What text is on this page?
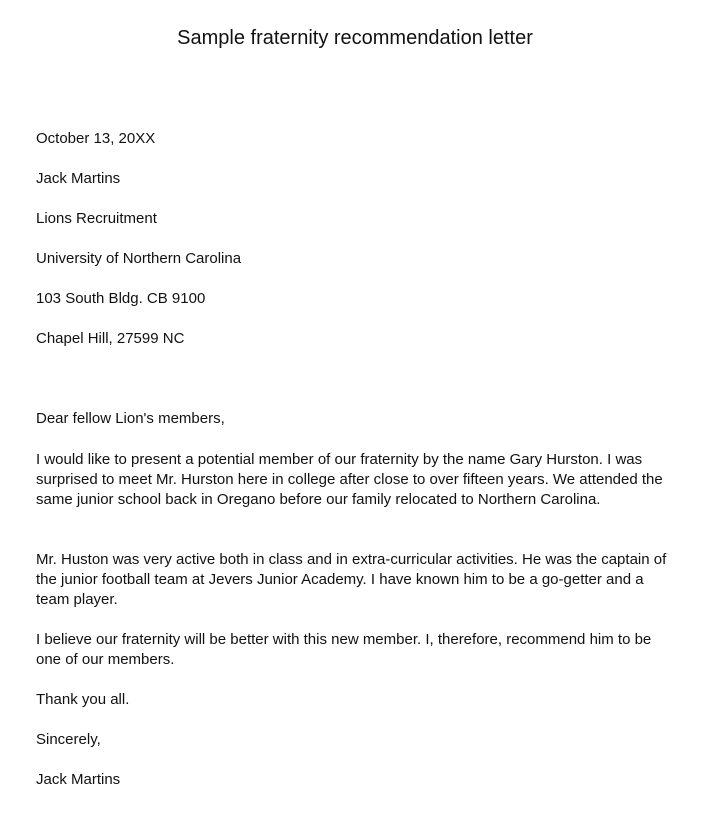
Sample fraternity recommendation letter

October 13, 20XX

Jack Martins

Lions Recruitment

University of Northern Carolina

103 South Bldg. CB 9100

Chapel Hill, 27599 NC

Dear fellow Lion's members,

I would like to present a potential member of our fraternity by the name Gary Hurston. I was surprised to meet Mr. Hurston here in college after close to over fifteen years. We attended the same junior school back in Oregano before our family relocated to Northern Carolina.

Mr. Huston was very active both in class and in extra-curricular activities. He was the captain of the junior football team at Jevers Junior Academy. I have known him to be a go-getter and a team player.

I believe our fraternity will be better with this new member. I, therefore, recommend him to be one of our members.

Thank you all.

Sincerely,

Jack Martins
